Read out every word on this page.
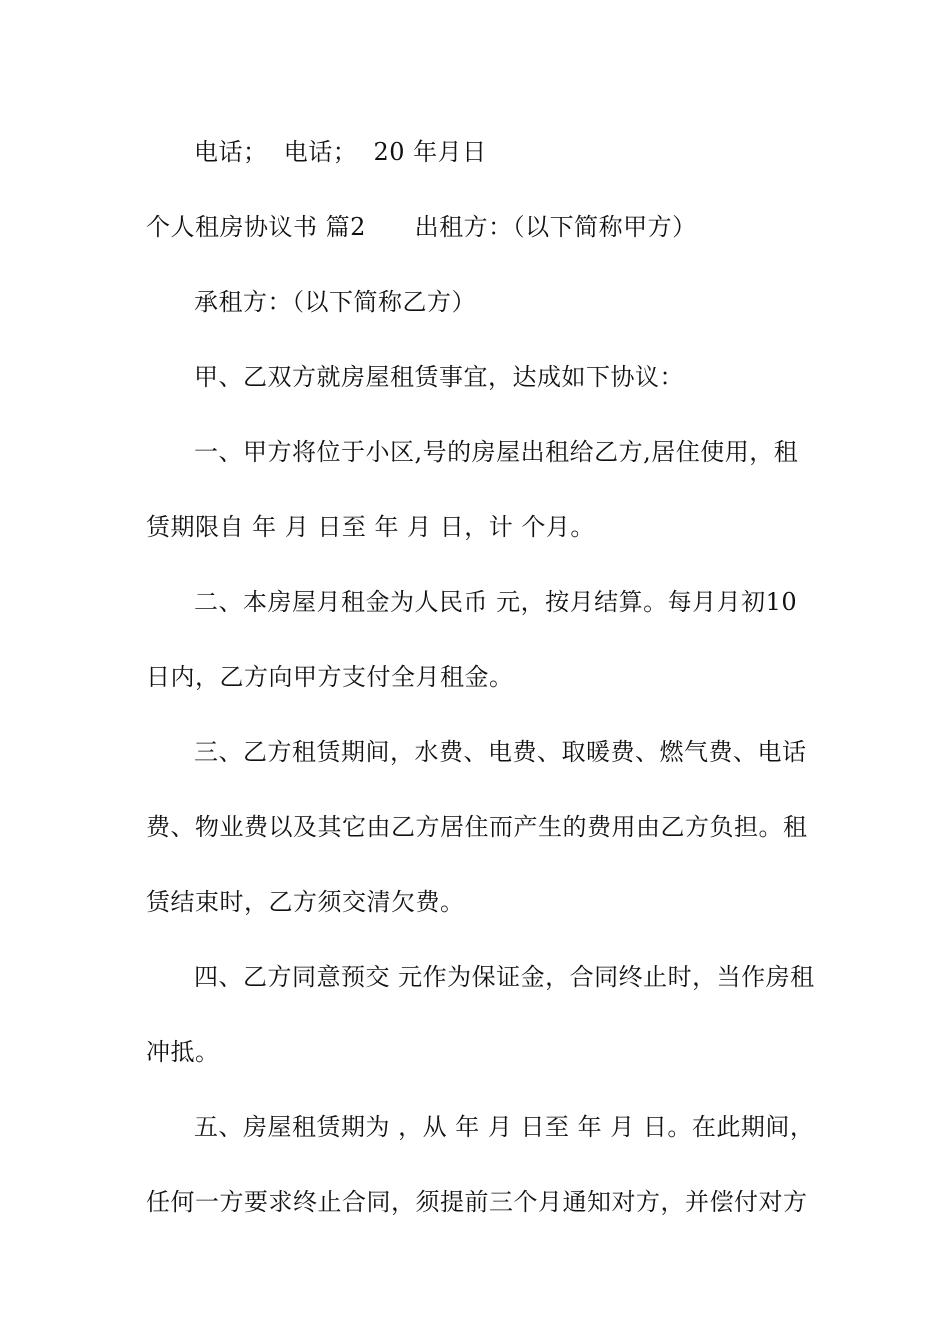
电话；  电话；  20 年月日
个人租房协议书 篇2      出租方：（以下简称甲方）
承租方：（以下简称乙方）
甲、乙双方就房屋租赁事宜，达成如下协议：
一、甲方将位于小区,号的房屋出租给乙方,居住使用，租
赁期限自 年 月 日至 年 月 日，计 个月。
二、本房屋月租金为人民币 元，按月结算。每月月初10
日内，乙方向甲方支付全月租金。
三、乙方租赁期间，水费、电费、取暖费、燃气费、电话
费、物业费以及其它由乙方居住而产生的费用由乙方负担。租
赁结束时，乙方须交清欠费。
四、乙方同意预交 元作为保证金，合同终止时，当作房租
冲抵。
五、房屋租赁期为 ，从 年 月 日至 年 月 日。在此期间，
任何一方要求终止合同，须提前三个月通知对方，并偿付对方
